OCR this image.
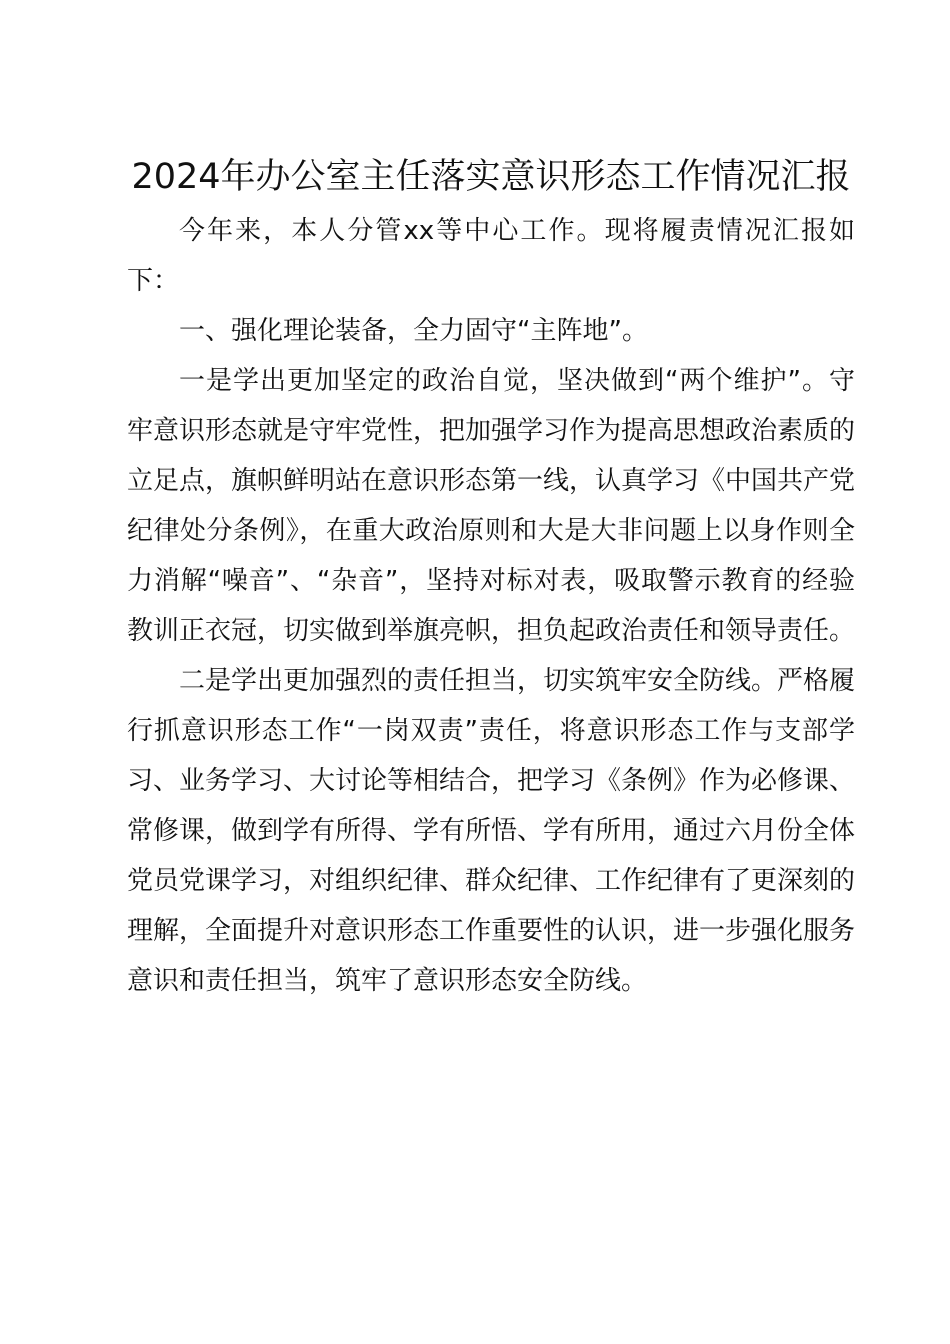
2024年办公室主任落实意识形态工作情况汇报

今年来，本人分管xx等中心工作。现将履责情况汇报如下：

一、强化理论装备，全力固守“主阵地”。

一是学出更加坚定的政治自觉，坚决做到“两个维护”。守牢意识形态就是守牢党性，把加强学习作为提高思想政治素质的立足点，旗帜鲜明站在意识形态第一线，认真学习《中国共产党纪律处分条例》，在重大政治原则和大是大非问题上以身作则全力消解“噪音”、“杂音”，坚持对标对表，吸取警示教育的经验教训正衣冠，切实做到举旗亮帜，担负起政治责任和领导责任。

二是学出更加强烈的责任担当，切实筑牢安全防线。严格履行抓意识形态工作“一岗双责”责任，将意识形态工作与支部学习、业务学习、大讨论等相结合，把学习《条例》作为必修课、常修课，做到学有所得、学有所悟、学有所用，通过六月份全体党员党课学习，对组织纪律、群众纪律、工作纪律有了更深刻的理解，全面提升对意识形态工作重要性的认识，进一步强化服务意识和责任担当，筑牢了意识形态安全防线。
